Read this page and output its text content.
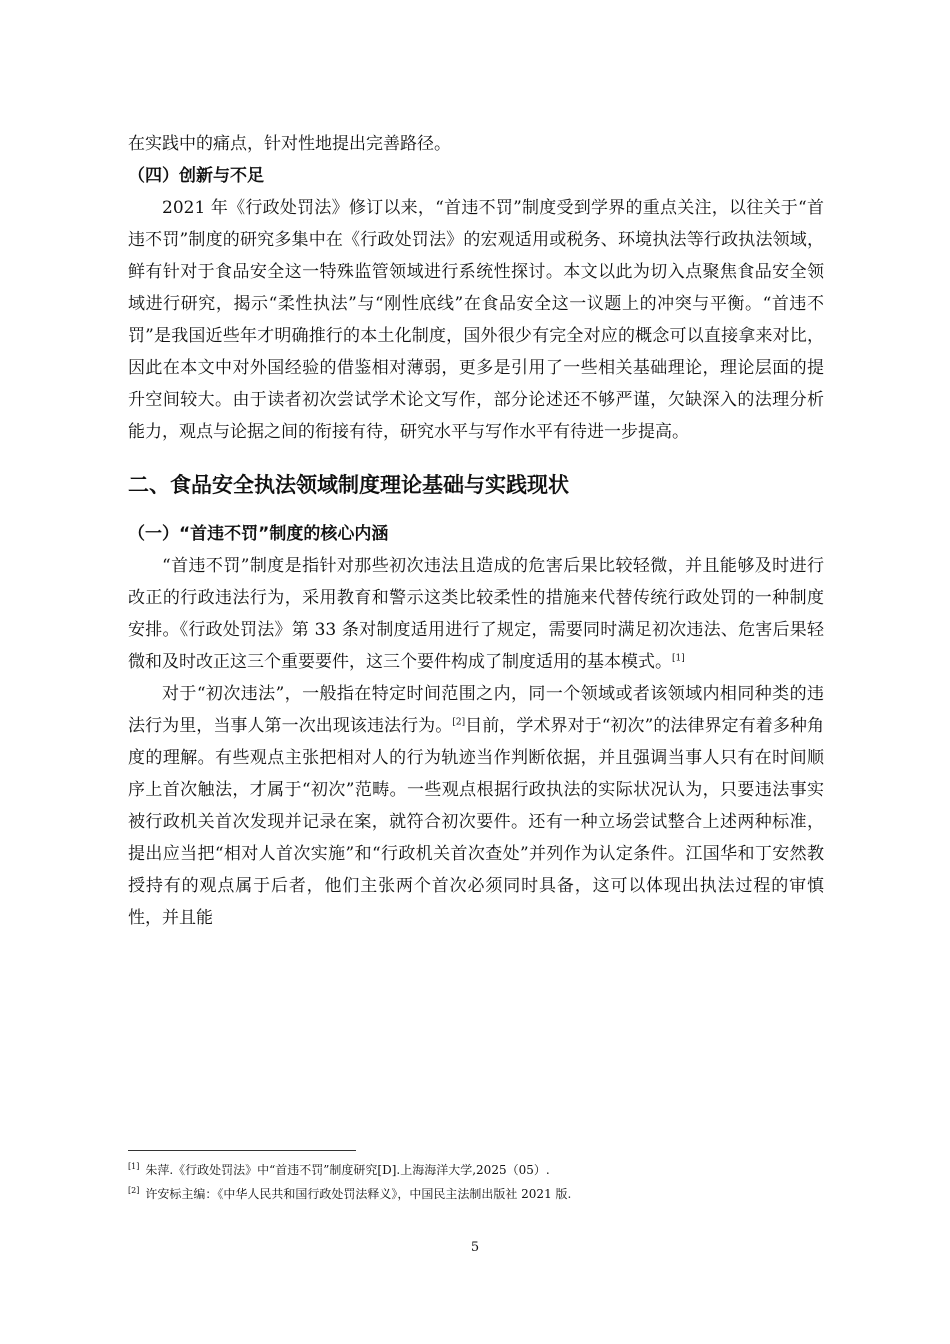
在实践中的痛点，针对性地提出完善路径。

（四）创新与不足

2021 年《行政处罚法》修订以来，“首违不罚”制度受到学界的重点关注，以往关于“首违不罚”制度的研究多集中在《行政处罚法》的宏观适用或税务、环境执法等行政执法领域，鲜有针对于食品安全这一特殊监管领域进行系统性探讨。本文以此为切入点聚焦食品安全领域进行研究，揭示“柔性执法”与“刚性底线”在食品安全这一议题上的冲突与平衡。“首违不罚”是我国近些年才明确推行的本土化制度，国外很少有完全对应的概念可以直接拿来对比，因此在本文中对外国经验的借鉴相对薄弱，更多是引用了一些相关基础理论，理论层面的提升空间较大。由于读者初次尝试学术论文写作，部分论述还不够严谨，欠缺深入的法理分析能力，观点与论据之间的衔接有待，研究水平与写作水平有待进一步提高。

二、食品安全执法领域制度理论基础与实践现状
（一）“首违不罚”制度的核心内涵

“首违不罚”制度是指针对那些初次违法且造成的危害后果比较轻微，并且能够及时进行改正的行政违法行为，采用教育和警示这类比较柔性的措施来代替传统行政处罚的一种制度安排。《行政处罚法》第 33 条对制度适用进行了规定，需要同时满足初次违法、危害后果轻微和及时改正这三个重要要件，这三个要件构成了制度适用的基本模式。[1]

对于“初次违法”，一般指在特定时间范围之内，同一个领域或者该领域内相同种类的违法行为里，当事人第一次出现该违法行为。[2]目前，学术界对于“初次”的法律界定有着多种角度的理解。有些观点主张把相对人的行为轨迹当作判断依据，并且强调当事人只有在时间顺序上首次触法，才属于“初次”范畴。一些观点根据行政执法的实际状况认为，只要违法事实被行政机关首次发现并记录在案，就符合初次要件。还有一种立场尝试整合上述两种标准，提出应当把“相对人首次实施”和“行政机关首次查处”并列作为认定条件。江国华和丁安然教授持有的观点属于后者，他们主张两个首次必须同时具备，这可以体现出执法过程的审慎性，并且能

[1] 朱萍.《行政处罚法》中“首违不罚”制度研究[D].上海海洋大学,2025（05）.
[2] 许安标主编：《中华人民共和国行政处罚法释义》，中国民主法制出版社 2021 版.
5
